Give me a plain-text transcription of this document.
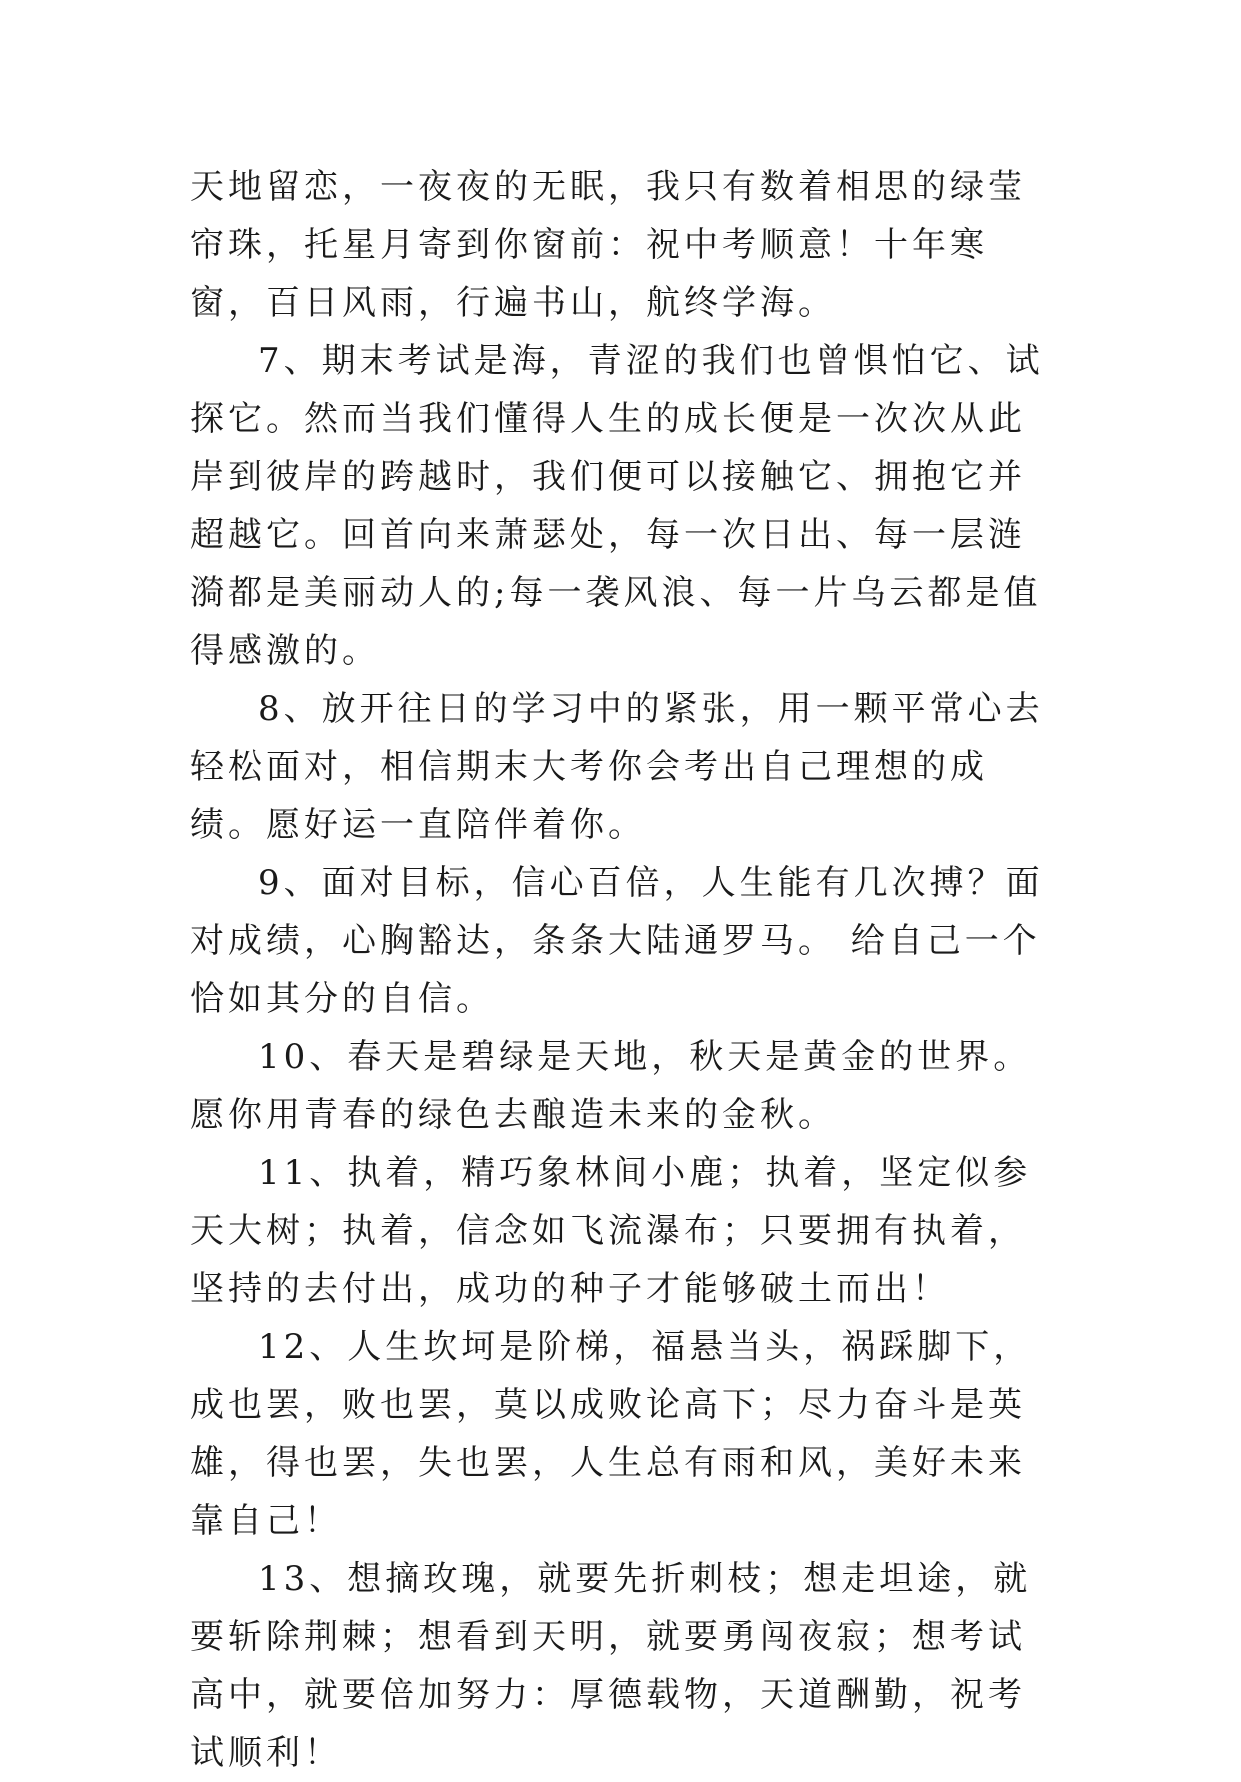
天地留恋，一夜夜的无眠，我只有数着相思的绿莹帘珠，托星月寄到你窗前：祝中考顺意！十年寒窗，百日风雨，行遍书山，航终学海。

7、期末考试是海，青涩的我们也曾惧怕它、试探它。然而当我们懂得人生的成长便是一次次从此岸到彼岸的跨越时，我们便可以接触它、拥抱它并超越它。回首向来萧瑟处，每一次日出、每一层涟漪都是美丽动人的;每一袭风浪、每一片乌云都是值得感激的。

8、放开往日的学习中的紧张，用一颗平常心去轻松面对，相信期末大考你会考出自己理想的成绩。愿好运一直陪伴着你。

9、面对目标，信心百倍，人生能有几次搏？面对成绩，心胸豁达，条条大陆通罗马。 给自己一个恰如其分的自信。

10、春天是碧绿是天地，秋天是黄金的世界。愿你用青春的绿色去酿造未来的金秋。

11、执着，精巧象林间小鹿；执着，坚定似参天大树；执着，信念如飞流瀑布；只要拥有执着，坚持的去付出，成功的种子才能够破土而出！

12、人生坎坷是阶梯，福悬当头，祸踩脚下，成也罢，败也罢，莫以成败论高下；尽力奋斗是英雄，得也罢，失也罢，人生总有雨和风，美好未来靠自己！

13、想摘玫瑰，就要先折刺枝；想走坦途，就要斩除荆棘；想看到天明，就要勇闯夜寂；想考试高中，就要倍加努力：厚德载物，天道酬勤，祝考试顺利！
